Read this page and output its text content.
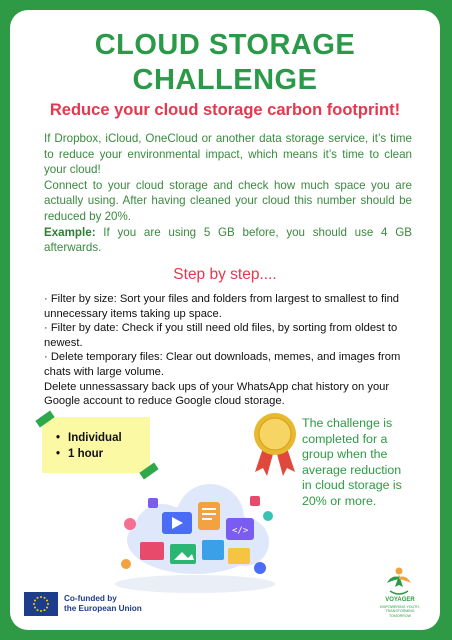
CLOUD STORAGE
CHALLENGE
Reduce your cloud storage carbon footprint!

If Dropbox, iCloud, OneCloud or another data storage service, it’s time to reduce your environmental impact, which means it’s time to clean your cloud!

Connect to your cloud storage and check how much space you are actually using. After having cleaned your cloud this number should be reduced by 20%.

Example: If you are using 5 GB before, you should use 4 GB afterwards.

Step by step....

· Filter by size: Sort your files and folders from largest to smallest to find unnecessary items taking up space.

· Filter by date: Check if you still need old files, by sorting from oldest to newest.

· Delete temporary files: Clear out downloads, memes, and images from chats with large volume.

Delete unnessassary back ups of your WhatsApp chat history on your Google account to reduce Google cloud storage.

• Individual
• 1 hour
The challenge is completed for a group when the average reduction in cloud storage is 20% or more.
</>
Co-funded by
the European Union
VOYAGER
EMPOWERING YOUTH,
TRANSFORMING
TOMORROW
